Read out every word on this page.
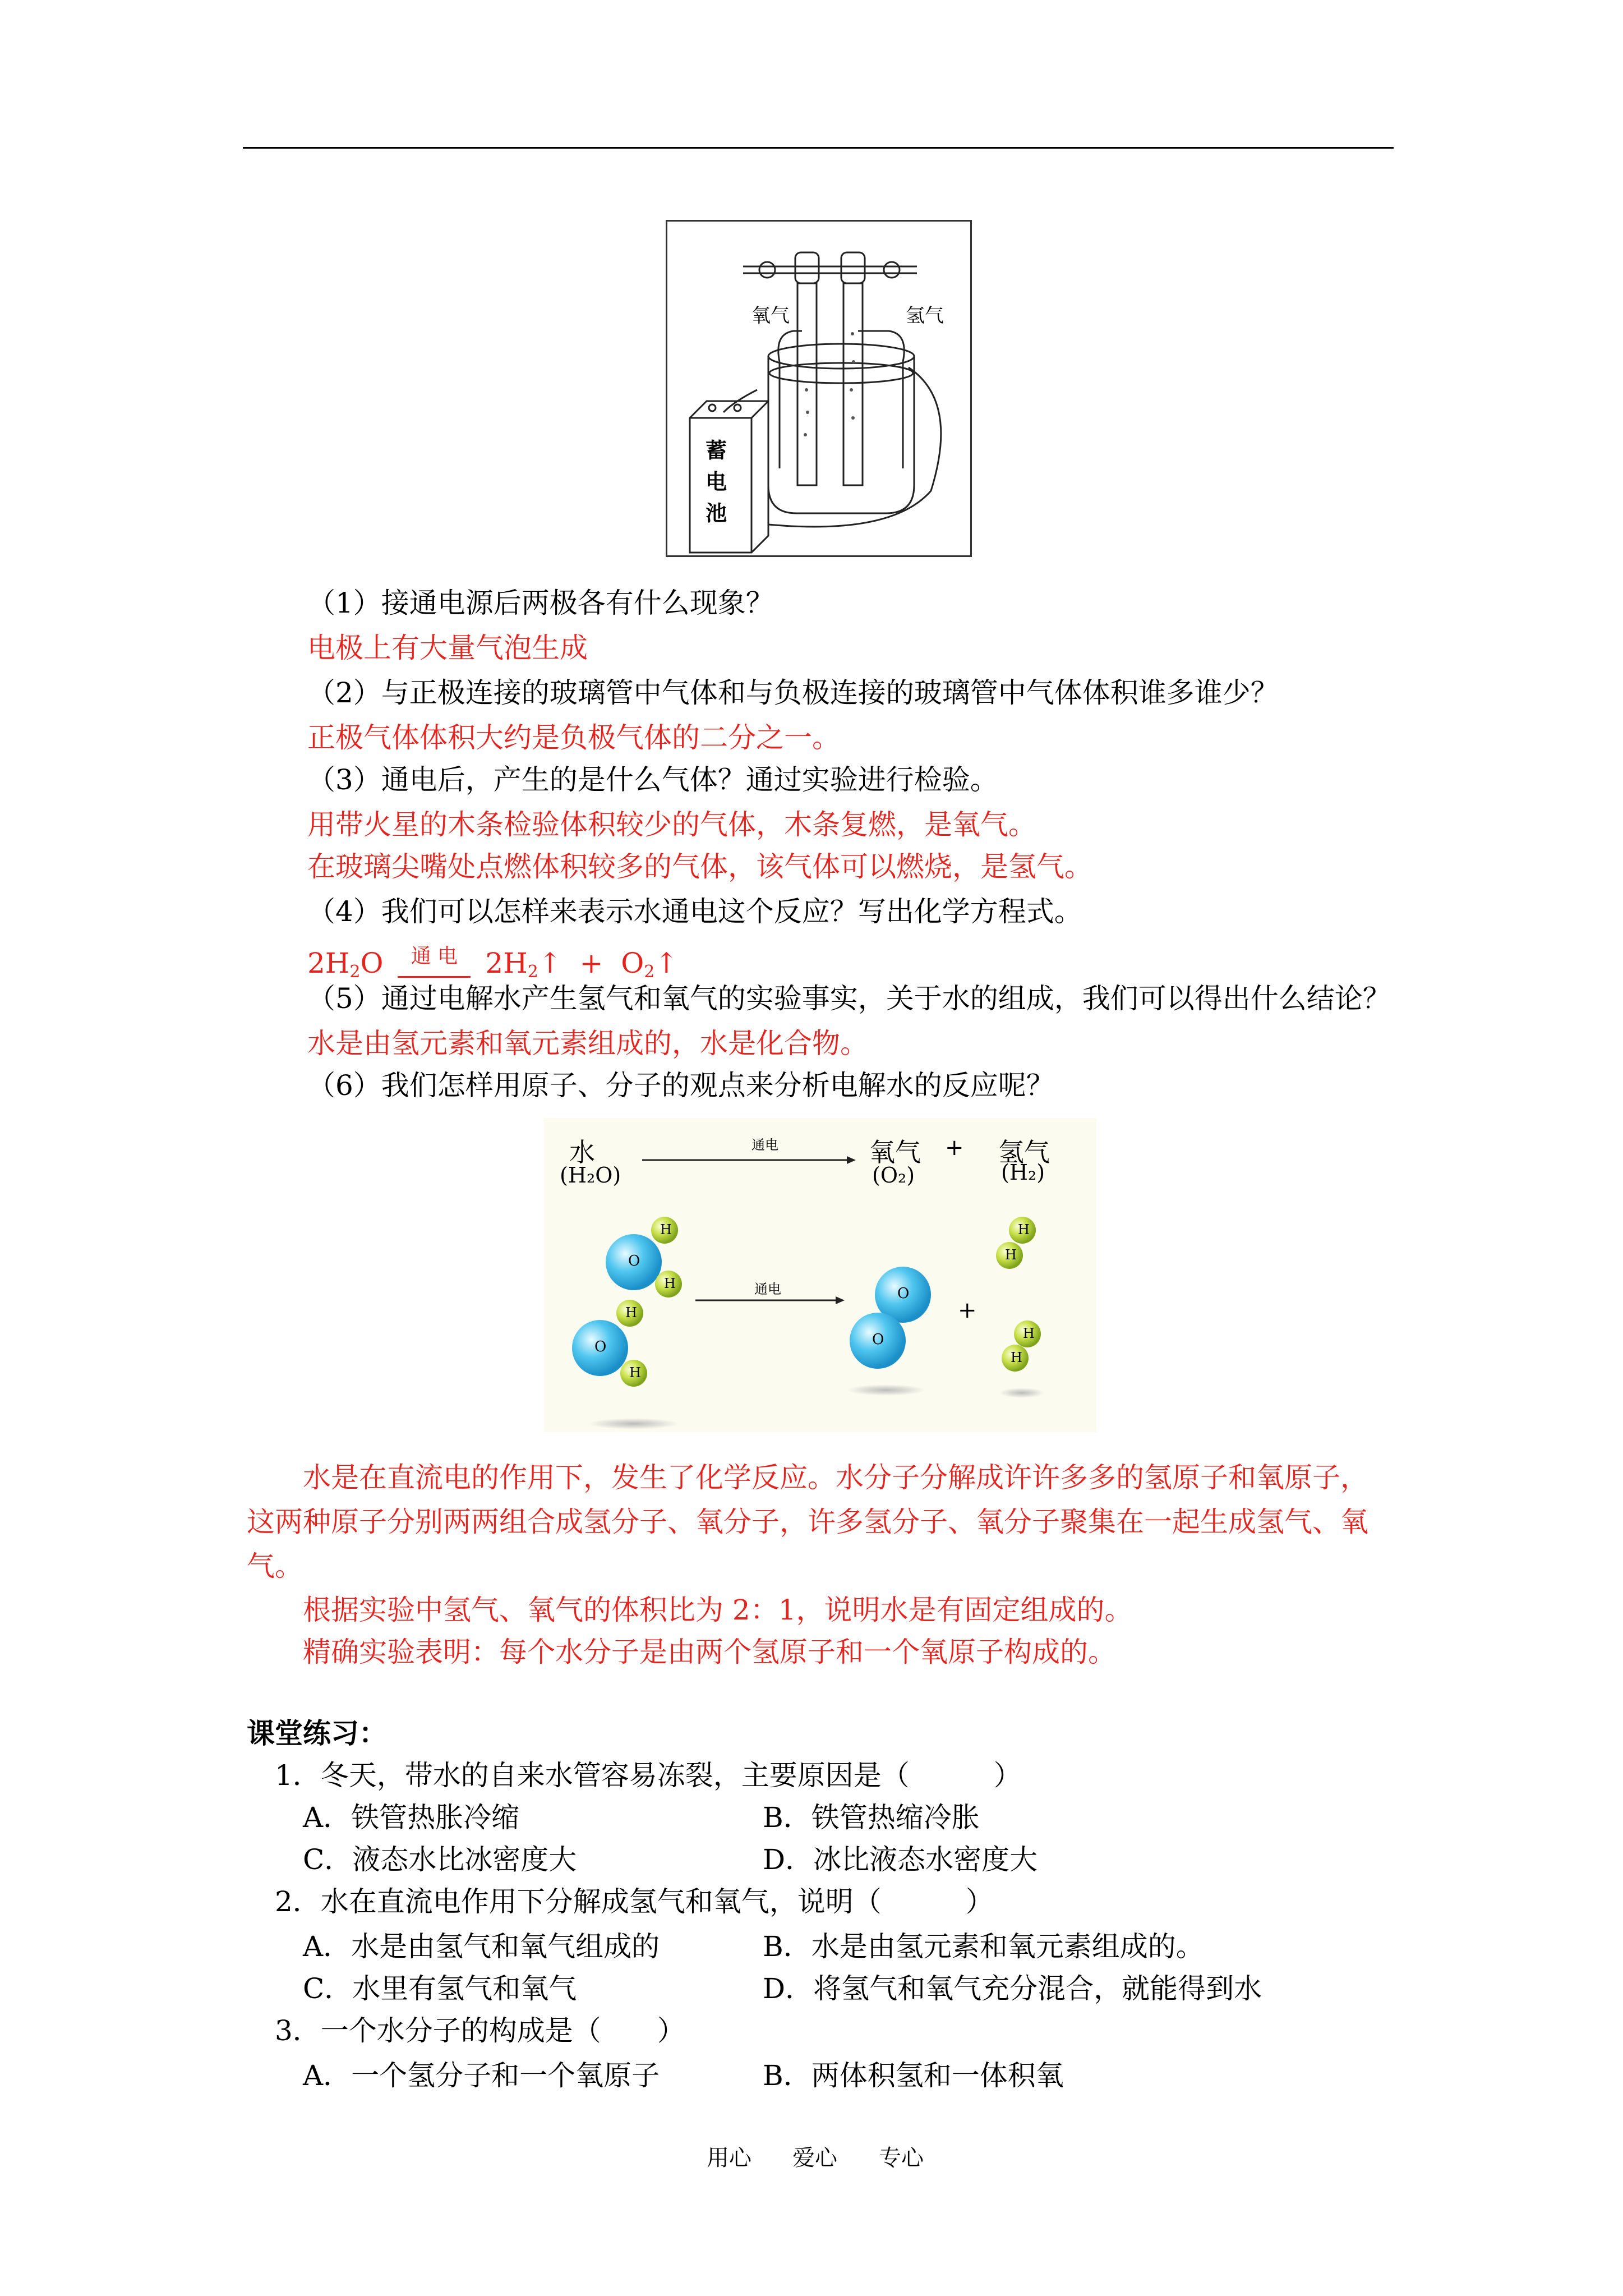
氧气	氢气
蓄电池
（1）接通电源后两极各有什么现象？
电极上有大量气泡生成
（2）与正极连接的玻璃管中气体和与负极连接的玻璃管中气体体积谁多谁少？
正极气体体积大约是负极气体的二分之一。
（3）通电后，产生的是什么气体？通过实验进行检验。
用带火星的木条检验体积较少的气体，木条复燃，是氧气。
在玻璃尖嘴处点燃体积较多的气体，该气体可以燃烧，是氢气。
（4）我们可以怎样来表示水通电这个反应？写出化学方程式。
$2H_2O$ 通 电 $2H_2↑$ + $O_2↑$
（5）通过电解水产生氢气和氧气的实验事实，关于水的组成，我们可以得出什么结论？
水是由氢元素和氧元素组成的，水是化合物。
（6）我们怎样用原子、分子的观点来分析电解水的反应呢？
水
(H₂O)
通电
通电
氧气
(O₂)
+ 氢气
(H₂)
+
O
H
H
O
H
H
O
O
H
H
H
H
水是在直流电的作用下，发生了化学反应。水分子分解成许许多多的氢原子和氧原子，这两种原子分别两两组合成氢分子、氧分子，许多氢分子、氧分子聚集在一起生成氢气、氧气。
根据实验中氢气、氧气的体积比为 2：1，说明水是有固定组成的。
精确实验表明：每个水分子是由两个氢原子和一个氧原子构成的。
课堂练习：
1．冬天，带水的自来水管容易冻裂，主要原因是（　　　）
A．铁管热胀冷缩	B．铁管热缩冷胀
C．液态水比冰密度大	D．冰比液态水密度大
2．水在直流电作用下分解成氢气和氧气，说明（　　　）
A．水是由氢气和氧气组成的	B．水是由氢元素和氧元素组成的。
C．水里有氢气和氧气	D．将氢气和氧气充分混合，就能得到水
3．一个水分子的构成是（　　）
A．一个氢分子和一个氧原子	B．两体积氢和一体积氧
用心 爱心 专心
